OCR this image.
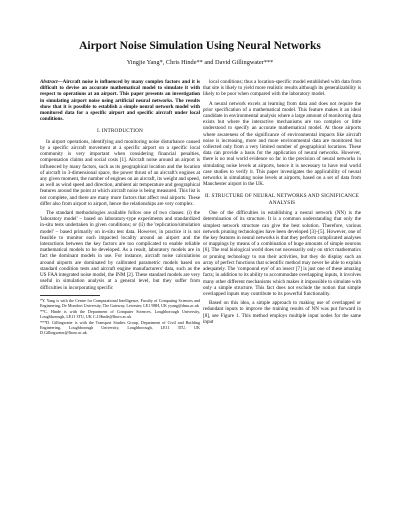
Airport Noise Simulation Using Neural Networks
Yingjie Yang*, Chris Hinde** and David Gillingwater***

Abstract—Aircraft noise is influenced by many complex factors and it is difficult to devise an accurate mathematical model to simulate it with respect to operations at an airport. This paper presents an investigation in simulating airport noise using artificial neural networks. The results show that it is possible to establish a simple neural network model with monitored data for a specific airport and specific aircraft under local conditions.

I. INTRODUCTION

In airport operations, identifying and monitoring noise disturbance caused by a specific aircraft movement at a specific airport on a specific local community is very important when considering financial penalties, compensation claims and social costs [1]. Aircraft noise around an airport is influenced by many factors, such as its geographical location and the location of aircraft in 3-dimensional space, the power thrust of an aircraft's engines at any given moment, the number of engines on an aircraft, its weight and speed, as well as wind speed and direction, ambient air temperature and geographical features around the point at which aircraft noise is being measured. This list is not complete, and there are many more factors that affect real airports. These differ also from airport to airport, hence the relationships are very complex.

The standard methodologies available follow one of two classes: (i) the 'laboratory model' – based on laboratory-type experiments and standardized in-situ tests undertaken in given conditions; or (ii) the 'replication/simulation model' – based primarily on in-situ test data. However, in practice it is not feasible to monitor each impacted locality around an airport and the interactions between the key factors are too complicated to enable reliable mathematical models to be developed. As a result, laboratory models are in fact the dominant models in use. For instance, aircraft noise calculations around airports are dominated by calibrated parametric models based on standard condition tests and aircraft engine manufacturers' data, such as the US FAA integrated noise model, the INM [2]. These standard models are very useful in simulation analysis at a general level, but they suffer from difficulties in incorporating specific

*Y. Yang is with the Centre for Computational Intelligence, Faculty of Computing Sciences and Engineering, De Montfort University, The Gateway, Leicester, LE1 9BH, UK yyang@dmu.ac.uk

**C. Hinde is with the Department of Computer Sciences, Loughborough University, Loughborough, LE11 3TU, UK C.J.Hinde@lboro.ac.uk

***D. Gillingwater is with the Transport Studies Group, Department of Civil and Building Engineering, Loughborough University, Loughborough, LE11 3TU, UK D.Gillingwater@lboro.ac.uk

local conditions; thus a location-specific model established with data from that site is likely to yield more realistic results although its generalizability is likely to be poor when compared with the laboratory model.

A neural network excels at learning from data and does not require the prior specification of a mathematical model. This feature makes it an ideal candidate in environmental analysis where a large amount of monitoring data exists but where the interactive mechanisms are too complex or little understood to specify an accurate mathematical model. At those airports where awareness of the significance of environmental impacts like aircraft noise is increasing, more and more environmental data are monitored but collected only from a very limited number of geographical locations. These data can provide a basis for the application of neural networks. However, there is no real world evidence so far in the precision of neural networks in simulating noise levels at airports, hence it is necessary to have real world case studies to verify it. This paper investigates the applicability of neural networks in simulating noise levels at airports, based on a set of data from Manchester airport in the UK.

II. STRUCTURE OF NEURAL NETWORKS AND SIGNIFICANCE ANALYSIS

One of the difficulties in establishing a neural network (NN) is the determination of its structure. It is a common understanding that only the simplest network structure can give the best solution. Therefore, various network pruning technologies have been developed [3]–[5]. However, one of the key features in neural networks is that they perform complicated analyses or mappings by means of a combination of huge amounts of simple neurons [6]. The real biological world does not necessarily only on strict mathematics or pruning technology to run their activities, but they do display such an array of perfect functions that scientific method may never be able to explain adequately. The 'compound eye' of an insect [7] is just one of these amazing facts; in addition to its ability to accommodate overlapping inputs, it involves many other different mechanisms which makes it impossible to simulate with only a simple structure. This fact does not exclude the notion that simple overlapped inputs may contribute to its powerful functionality.

Based on this idea, a simple approach to making use of overlapped or redundant inputs to improve the training results of NN was put forward in [8], see Figure 1. This method employs multiple input nodes for the same input
